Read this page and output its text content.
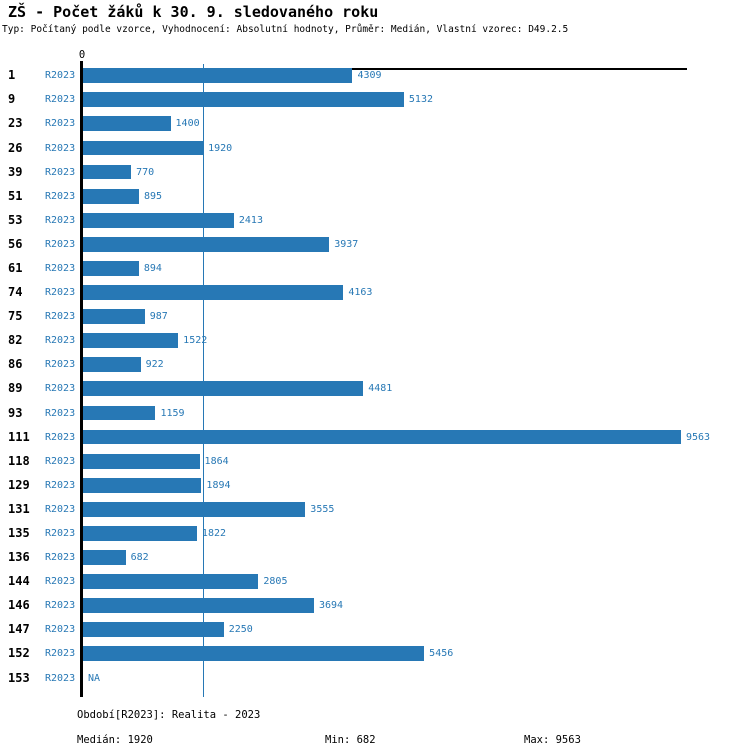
ZŠ - Počet žáků k 30. 9. sledovaného roku
Typ: Počítaný podle vzorce, Vyhodnocení: Absolutní hodnoty, Průměr: Medián, Vlastní vzorec: D49.2.5
0
1	R2023	4309
9	R2023	5132
23 R2023	1400
26 R2023	1920
39 R2023	770
51 R2023	895
53 R2023	2413
56 R2023	3937
61 R2023	894
74 R2023	4163
75 R2023	987
82 R2023	1522
86 R2023	922
89 R2023	4481
93 R2023	1159
111 R2023	9563
118 R2023	1864
129 R2023	1894
131 R2023	3555
135 R2023	1822
136 R2023	682
144 R2023	2805
146 R2023	3694
147 R2023	2250
152 R2023	5456
153 R2023 NA
Období[R2023]: Realita - 2023
Medián: 1920	Min: 682	Max: 9563
